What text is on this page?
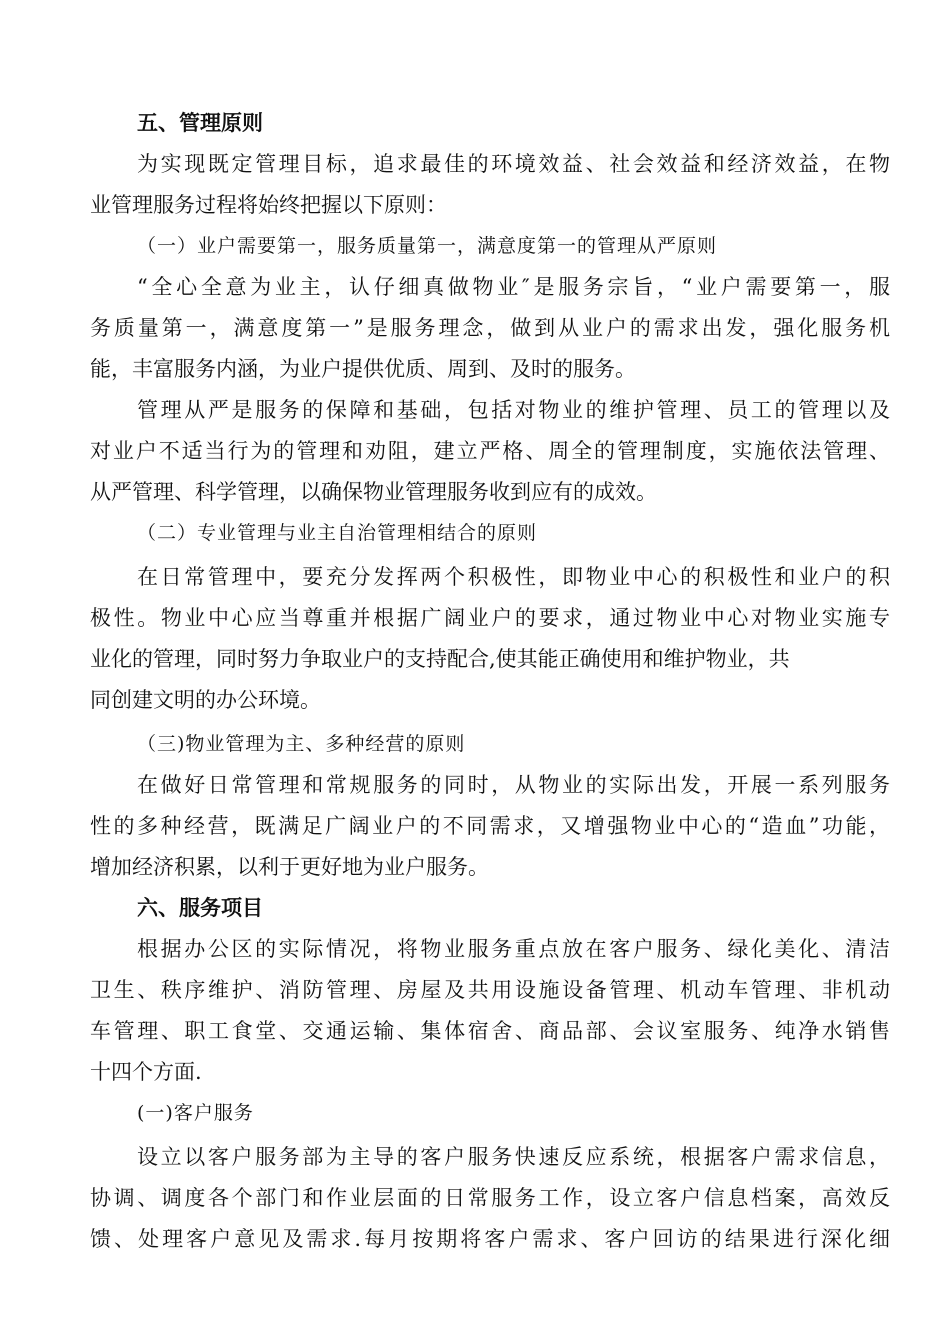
五、管理原则
为实现既定管理目标，追求最佳的环境效益、社会效益和经济效益，在物
业管理服务过程将始终把握以下原则：
（一）业户需要第一，服务质量第一，满意度第一的管理从严原则
“全心全意为业主，认仔细真做物业″是服务宗旨，“业户需要第一，服
务质量第一，满意度第一”是服务理念，做到从业户的需求出发，强化服务机
能，丰富服务内涵，为业户提供优质、周到、及时的服务。
管理从严是服务的保障和基础，包括对物业的维护管理、员工的管理以及
对业户不适当行为的管理和劝阻，建立严格、周全的管理制度，实施依法管理、
从严管理、科学管理，以确保物业管理服务收到应有的成效。
（二）专业管理与业主自治管理相结合的原则
在日常管理中，要充分发挥两个积极性，即物业中心的积极性和业户的积
极性。物业中心应当尊重并根据广阔业户的要求，通过物业中心对物业实施专
业化的管理，同时努力争取业户的支持配合,使其能正确使用和维护物业，共
同创建文明的办公环境。
（三)物业管理为主、多种经营的原则
在做好日常管理和常规服务的同时，从物业的实际出发，开展一系列服务
性的多种经营，既满足广阔业户的不同需求，又增强物业中心的“造血”功能，
增加经济积累，以利于更好地为业户服务。
六、服务项目
根据办公区的实际情况，将物业服务重点放在客户服务、绿化美化、清洁
卫生、秩序维护、消防管理、房屋及共用设施设备管理、机动车管理、非机动
车管理、职工食堂、交通运输、集体宿舍、商品部、会议室服务、纯净水销售
十四个方面.
(一)客户服务
设立以客户服务部为主导的客户服务快速反应系统，根据客户需求信息，
协调、调度各个部门和作业层面的日常服务工作，设立客户信息档案，高效反
馈、处理客户意见及需求.每月按期将客户需求、客户回访的结果进行深化细
